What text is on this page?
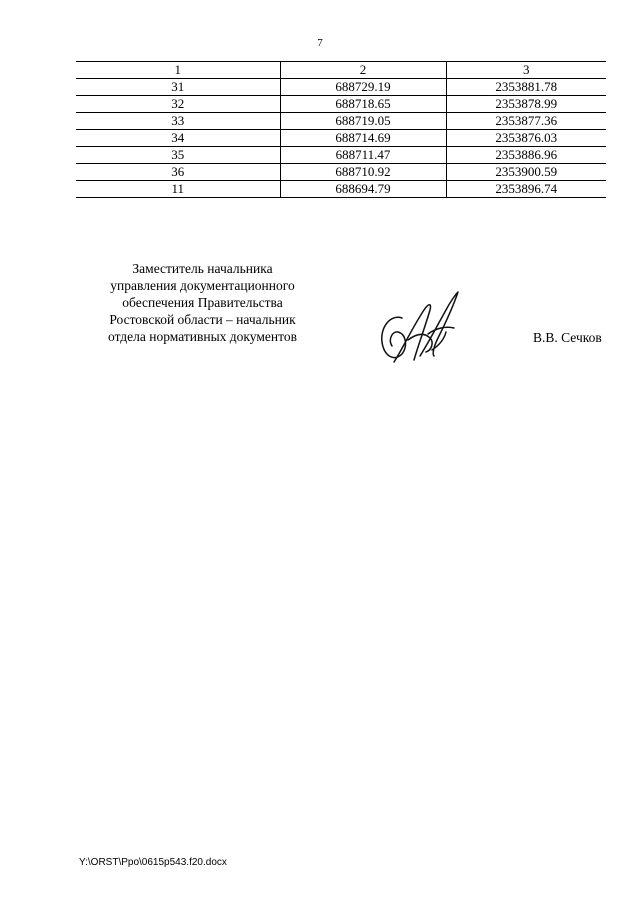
7
1	2	3
31	688729.19	2353881.78
32	688718.65	2353878.99
33	688719.05	2353877.36
34	688714.69	2353876.03
35	688711.47	2353886.96
36	688710.92	2353900.59
11	688694.79	2353896.74
Заместитель начальника
управления документационного
обеспечения Правительства
Ростовской области – начальник
отдела нормативных документов	В.В. Сечков
Y:\ORST\Ppo\0615p543.f20.docx
